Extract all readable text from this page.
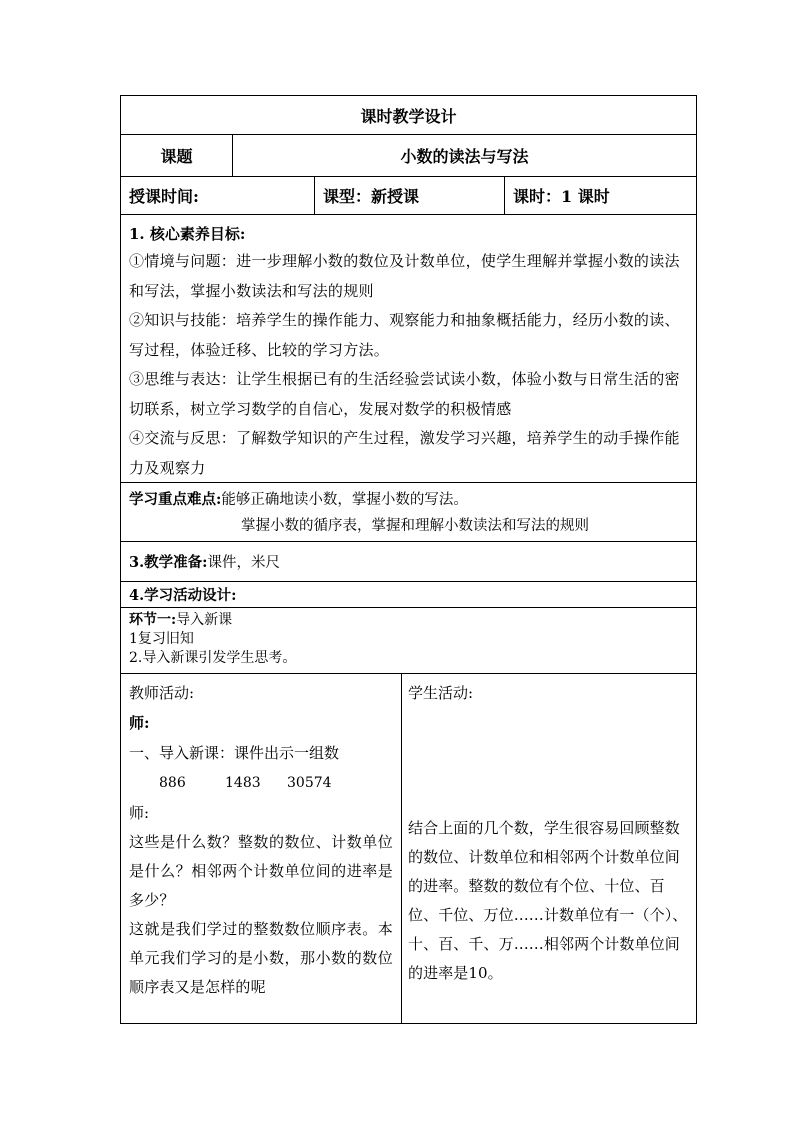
课时教学设计
课题	小数的读法与写法
授课时间:	课型：新授课	课时：1 课时
1. 核心素养目标:
①情境与问题：进一步理解小数的数位及计数单位，使学生理解并掌握小数的读法和写法，掌握小数读法和写法的规则
②知识与技能：培养学生的操作能力、观察能力和抽象概括能力，经历小数的读、写过程，体验迁移、比较的学习方法。
③思维与表达：让学生根据已有的生活经验尝试读小数，体验小数与日常生活的密切联系，树立学习数学的自信心，发展对数学的积极情感
④交流与反思：了解数学知识的产生过程，激发学习兴趣，培养学生的动手操作能力及观察力
学习重点难点:能够正确地读小数，掌握小数的写法。
掌握小数的循序表，掌握和理解小数读法和写法的规则
3.教学准备: 课件，米尺
4.学习活动设计:
环节一:导入新课
1复习旧知
2.导入新课引发学生思考。
教师活动:
师:
一、导入新课：课件出示一组数
886	1483 30574
师:
这些是什么数？整数的数位、计数单位是什么？相邻两个计数单位间的进率是多少？
这就是我们学过的整数数位顺序表。本单元我们学习的是小数，那小数的数位顺序表又是怎样的呢
学生活动:
结合上面的几个数，学生很容易回顾整数的数位、计数单位和相邻两个计数单位间的进率。整数的数位有个位、十位、百位、千位、万位……计数单位有一（个）、十、百、千、万……相邻两个计数单位间的进率是10。
